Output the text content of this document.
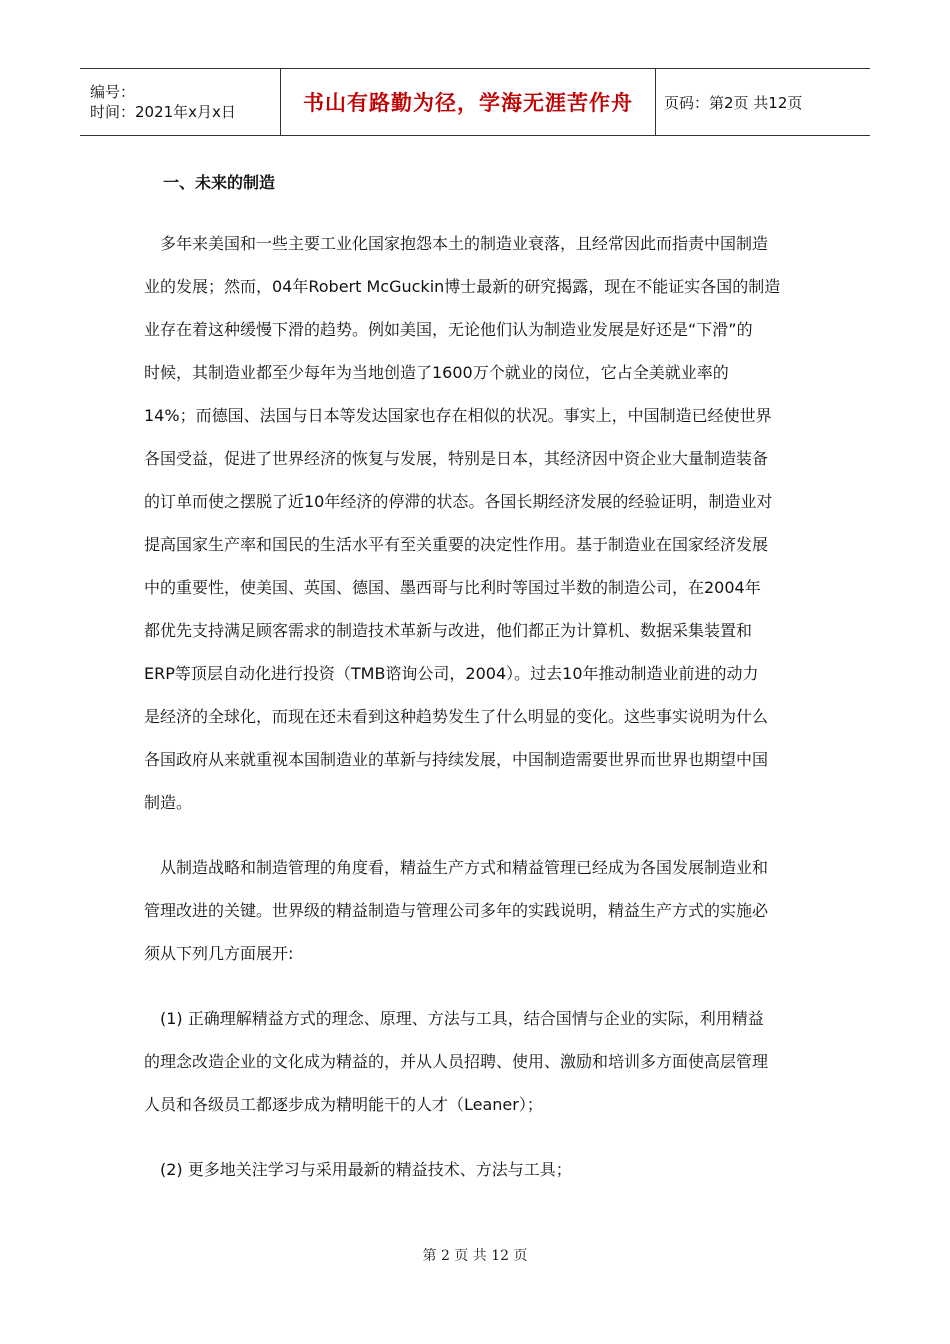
编号：
时间：2021年x月x日	书山有路勤为径，学海无涯苦作舟 页码：第2页 共12页
一、未来的制造
　多年来美国和一些主要工业化国家抱怨本土的制造业衰落，且经常因此而指责中国制造
业的发展；然而，04年Robert McGuckin博士最新的研究揭露，现在不能证实各国的制造
业存在着这种缓慢下滑的趋势。例如美国，无论他们认为制造业发展是好还是“下滑”的
时候，其制造业都至少每年为当地创造了1600万个就业的岗位，它占全美就业率的
14%；而德国、法国与日本等发达国家也存在相似的状况。事实上，中国制造已经使世界
各国受益，促进了世界经济的恢复与发展，特别是日本，其经济因中资企业大量制造装备
的订单而使之摆脱了近10年经济的停滞的状态。各国长期经济发展的经验证明，制造业对
提高国家生产率和国民的生活水平有至关重要的决定性作用。基于制造业在国家经济发展
中的重要性，使美国、英国、德国、墨西哥与比利时等国过半数的制造公司，在2004年
都优先支持满足顾客需求的制造技术革新与改进，他们都正为计算机、数据采集装置和
ERP等顶层自动化进行投资（TMB谘询公司，2004）。过去10年推动制造业前进的动力
是经济的全球化，而现在还未看到这种趋势发生了什么明显的变化。这些事实说明为什么
各国政府从来就重视本国制造业的革新与持续发展，中国制造需要世界而世界也期望中国
制造。
　从制造战略和制造管理的角度看，精益生产方式和精益管理已经成为各国发展制造业和
管理改进的关键。世界级的精益制造与管理公司多年的实践说明，精益生产方式的实施必
须从下列几方面展开:
　(1) 正确理解精益方式的理念、原理、方法与工具，结合国情与企业的实际，利用精益
的理念改造企业的文化成为精益的，并从人员招聘、使用、激励和培训多方面使高层管理
人员和各级员工都逐步成为精明能干的人才（Leaner）；
　(2) 更多地关注学习与采用最新的精益技术、方法与工具；
第 2 页 共 12 页
